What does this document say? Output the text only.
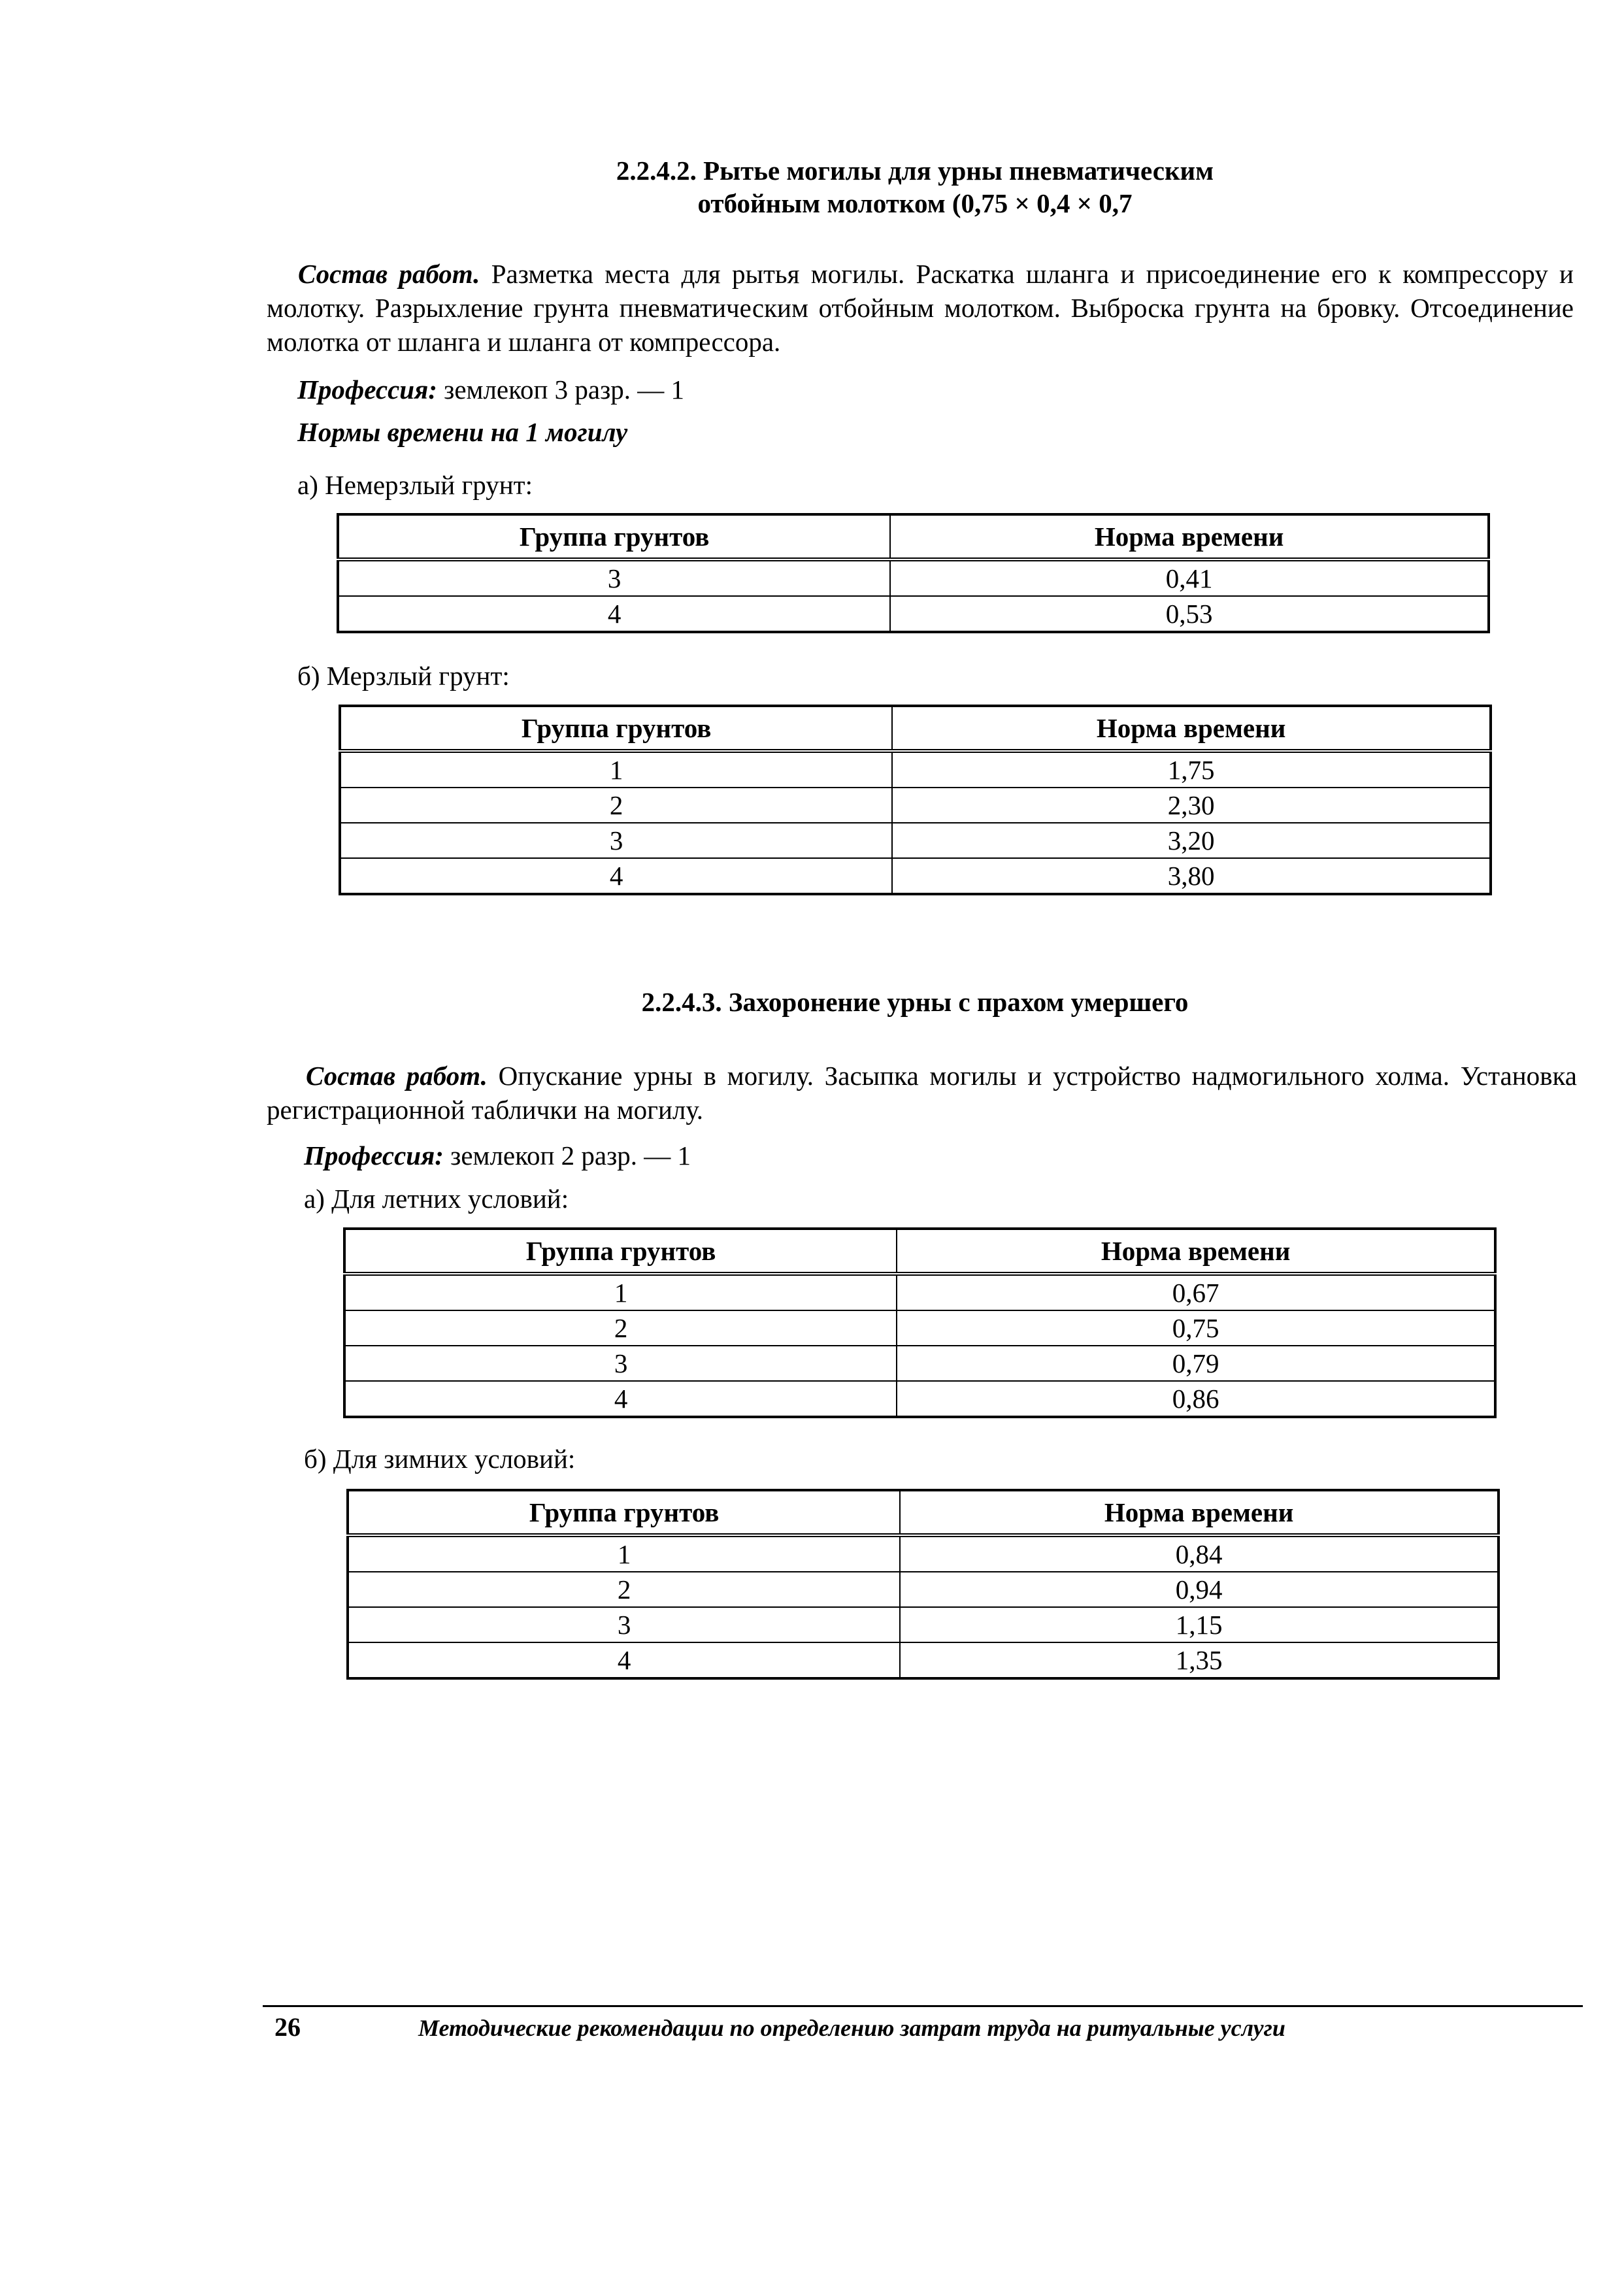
2.2.4.2. Рытье могилы для урны пневматическим
отбойным молотком (0,75 × 0,4 × 0,7
Состав работ. Разметка места для рытья могилы. Раскатка шланга и присоединение его к компрессору и молотку. Разрыхление грунта пневматическим отбойным молотком. Выброска грунта на бровку. Отсоединение молотка от шланга и шланга от компрессора.
Профессия: землекоп 3 разр. — 1
Нормы времени на 1 могилу
а) Немерзлый грунт:
Группа грунтов	Норма времени
3	0,41
4	0,53
б) Мерзлый грунт:
Группа грунтов	Норма времени
1	1,75
2	2,30
3	3,20
4	3,80
2.2.4.3. Захоронение урны с прахом умершего
Состав работ. Опускание урны в могилу. Засыпка могилы и устройство надмогильного холма. Установка регистрационной таблички на могилу.
Профессия: землекоп 2 разр. — 1
а) Для летних условий:
Группа грунтов	Норма времени
1	0,67
2	0,75
3	0,79
4	0,86
б) Для зимних условий:
Группа грунтов	Норма времени
1	0,84
2	0,94
3	1,15
4	1,35
26	Методические рекомендации по определению затрат труда на ритуальные услуги
